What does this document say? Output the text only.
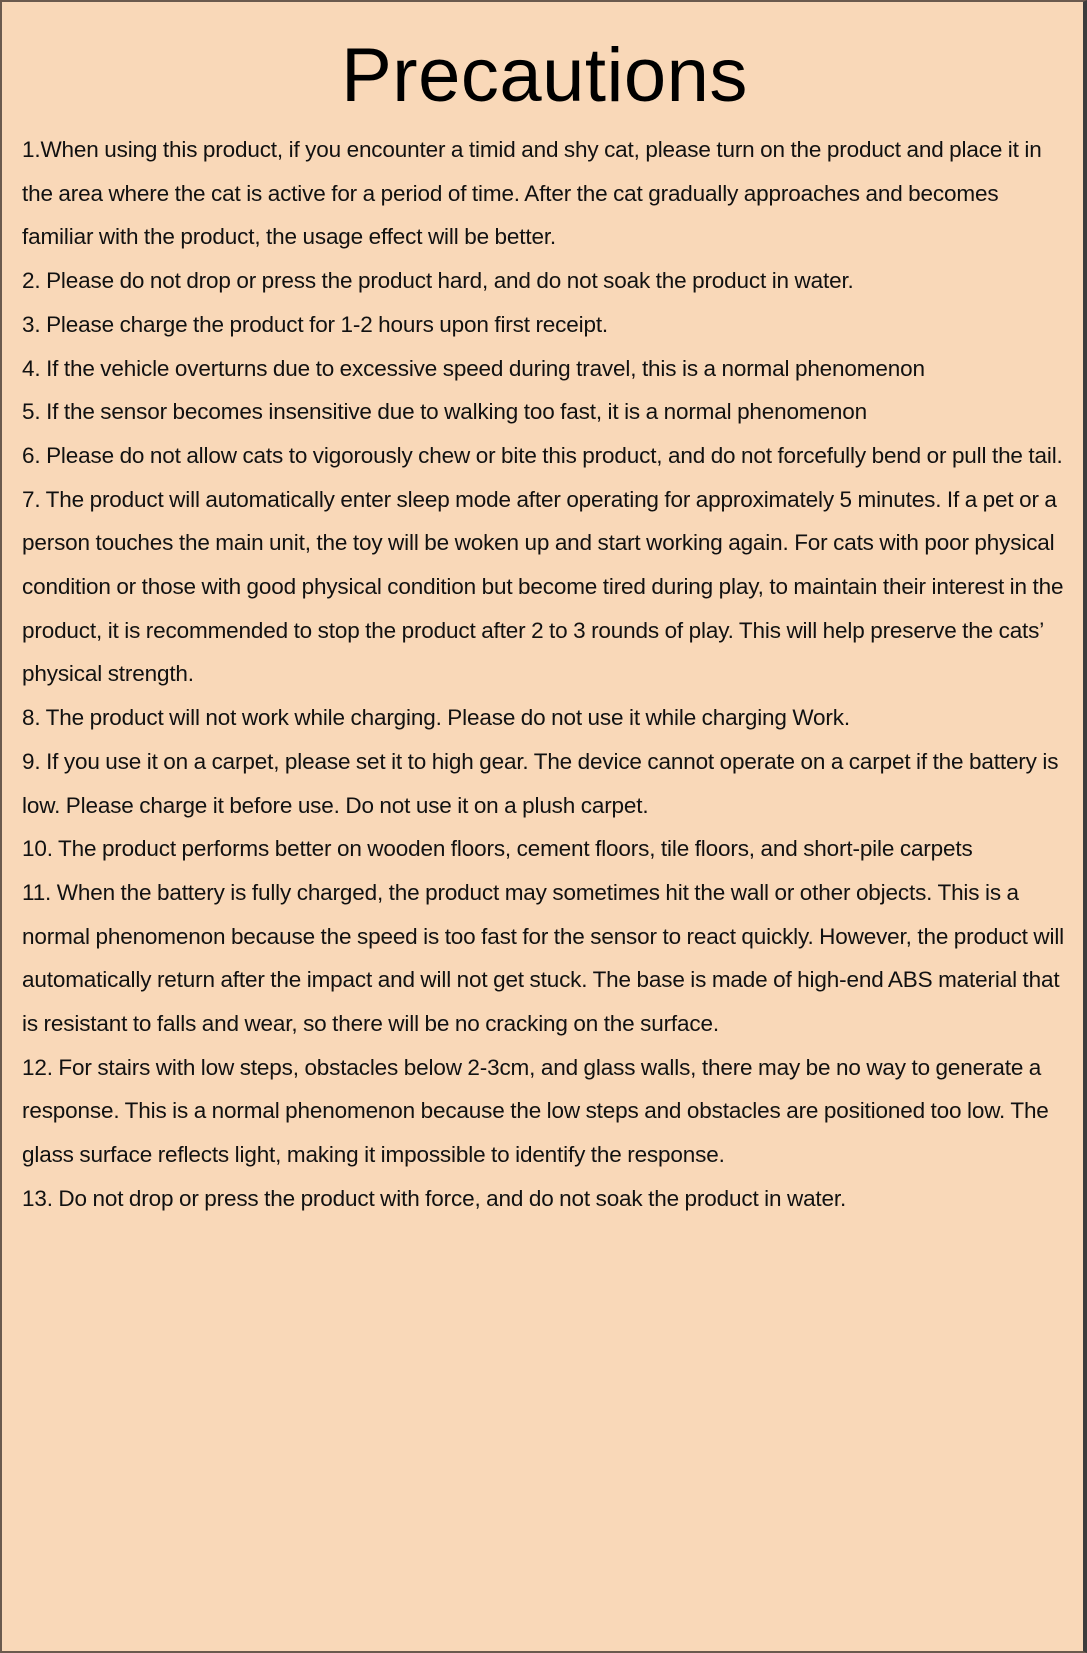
Precautions
1.When using this product, if you encounter a timid and shy cat, please turn on the product and place it in the area where the cat is active for a period of time. After the cat gradually approaches and becomes familiar with the product, the usage effect will be better.
2. Please do not drop or press the product hard, and do not soak the product in water.
3. Please charge the product for 1-2 hours upon first receipt.
4. If the vehicle overturns due to excessive speed during travel, this is a normal phenomenon
5. If the sensor becomes insensitive due to walking too fast, it is a normal phenomenon
6. Please do not allow cats to vigorously chew or bite this product, and do not forcefully bend or pull the tail.
7. The product will automatically enter sleep mode after operating for approximately 5 minutes. If a pet or a person touches the main unit, the toy will be woken up and start working again. For cats with poor physical condition or those with good physical condition but become tired during play, to maintain their interest in the product, it is recommended to stop the product after 2 to 3 rounds of play. This will help preserve the cats’ physical strength.
8. The product will not work while charging. Please do not use it while charging Work.
9. If you use it on a carpet, please set it to high gear. The device cannot operate on a carpet if the battery is low. Please charge it before use. Do not use it on a plush carpet.
10. The product performs better on wooden floors, cement floors, tile floors, and short-pile carpets
11. When the battery is fully charged, the product may sometimes hit the wall or other objects. This is a normal phenomenon because the speed is too fast for the sensor to react quickly. However, the product will automatically return after the impact and will not get stuck. The base is made of high-end ABS material that is resistant to falls and wear, so there will be no cracking on the surface.
12. For stairs with low steps, obstacles below 2-3cm, and glass walls, there may be no way to generate a response. This is a normal phenomenon because the low steps and obstacles are positioned too low. The glass surface reflects light, making it impossible to identify the response.
13. Do not drop or press the product with force, and do not soak the product in water.
